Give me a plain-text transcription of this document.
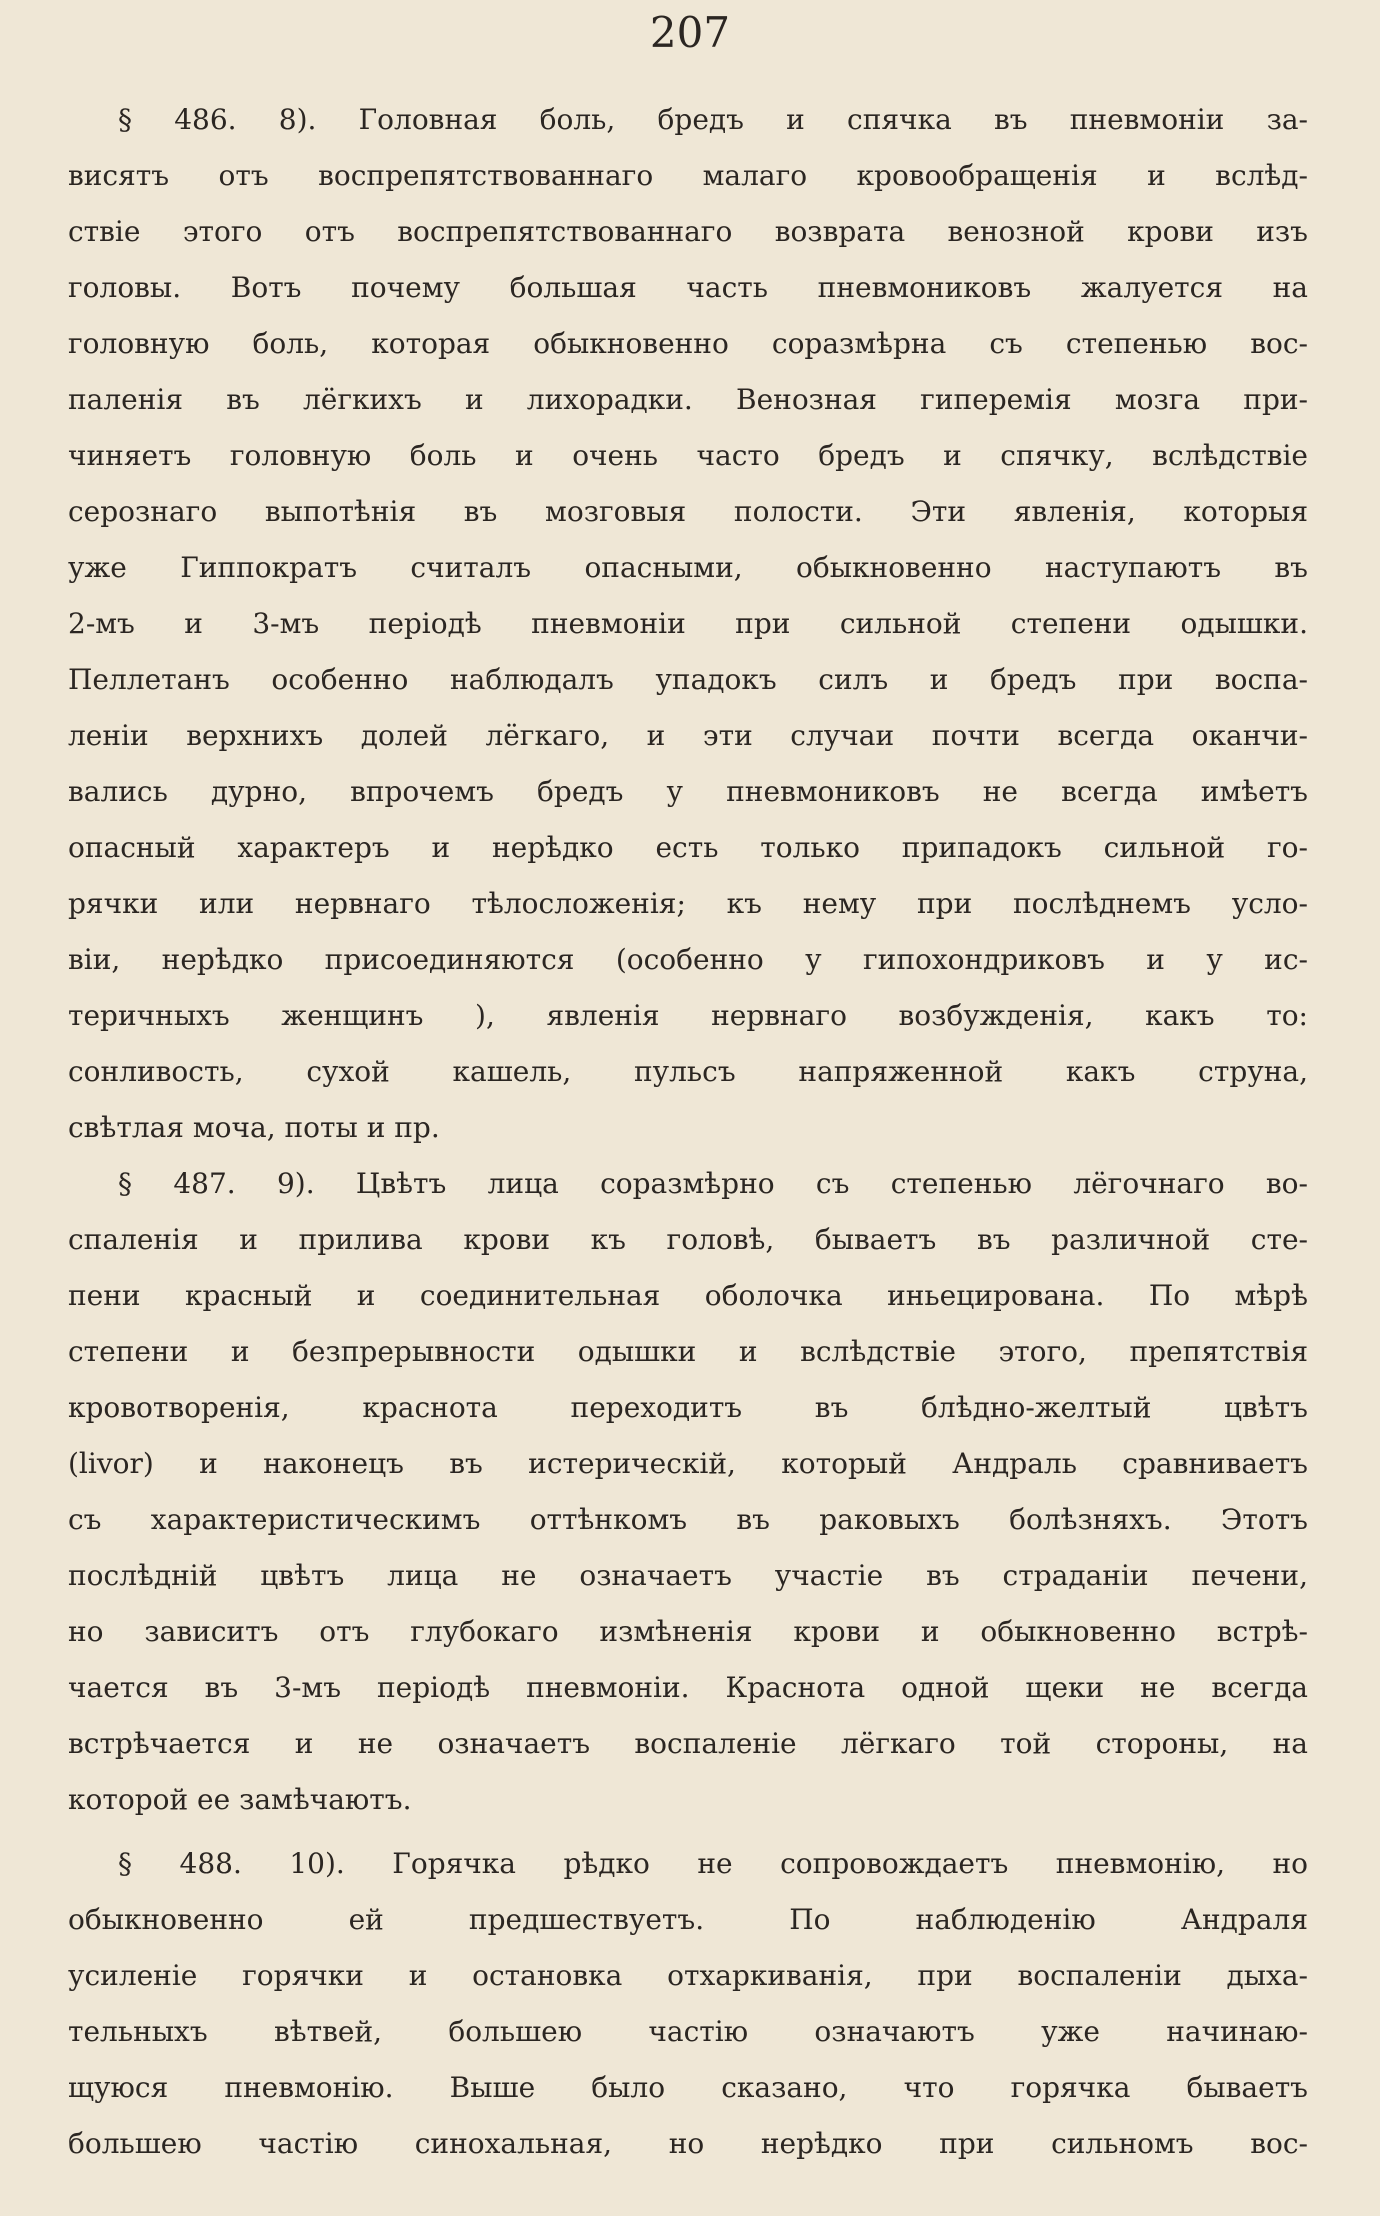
207
§ 486. 8). Головная боль, бредъ и спячка въ пневмоніи за-
висятъ отъ воспрепятствованнаго малаго кровообращенія и вслѣд-
ствіе этого отъ воспрепятствованнаго возврата венозной крови изъ
головы. Вотъ почему большая часть пневмониковъ жалуется на
головную боль, которая обыкновенно соразмѣрна съ степенью вос-
паленія въ лёгкихъ и лихорадки. Венозная гиперемія мозга при-
чиняетъ головную боль и очень часто бредъ и спячку, вслѣдствіе
серознаго выпотѣнія въ мозговыя полости. Эти явленія, которыя
уже Гиппократъ считалъ опасными, обыкновенно наступаютъ въ
2-мъ и 3-мъ періодѣ пневмоніи при сильной степени одышки.
Пеллетанъ особенно наблюдалъ упадокъ силъ и бредъ при воспа-
леніи верхнихъ долей лёгкаго, и эти случаи почти всегда оканчи-
вались дурно, впрочемъ бредъ у пневмониковъ не всегда имѣетъ
опасный характеръ и нерѣдко есть только припадокъ сильной го-
рячки или нервнаго тѣлосложенія; къ нему при послѣднемъ усло-
віи, нерѣдко присоединяются (особенно у гипохондриковъ и у ис-
теричныхъ женщинъ ), явленія нервнаго возбужденія, какъ то:
сонливость, сухой кашель, пульсъ напряженной какъ струна,
свѣтлая моча, поты и пр.
§ 487. 9). Цвѣтъ лица соразмѣрно съ степенью лёгочнаго во-
спаленія и прилива крови къ головѣ, бываетъ въ различной сте-
пени красный и соединительная оболочка иньецирована. По мѣрѣ
степени и безпрерывности одышки и вслѣдствіе этого, препятствія
кровотворенія, краснота переходитъ въ блѣдно-желтый цвѣтъ
(livor) и наконецъ въ истерическій, который Андраль сравниваетъ
съ характеристическимъ оттѣнкомъ въ раковыхъ болѣзняхъ. Этотъ
послѣдній цвѣтъ лица не означаетъ участіе въ страданіи печени,
но зависитъ отъ глубокаго измѣненія крови и обыкновенно встрѣ-
чается въ 3-мъ періодѣ пневмоніи. Краснота одной щеки не всегда
встрѣчается и не означаетъ воспаленіе лёгкаго той стороны, на
которой ее замѣчаютъ.
§ 488. 10). Горячка рѣдко не сопровождаетъ пневмонію, но
обыкновенно ей предшествуетъ. По наблюденію Андраля
усиленіе горячки и остановка отхаркиванія, при воспаленіи дыха-
тельныхъ вѣтвей, большею частію означаютъ уже начинаю-
щуюся пневмонію. Выше было сказано, что горячка бываетъ
большею частію синохальная, но нерѣдко при сильномъ вос-
